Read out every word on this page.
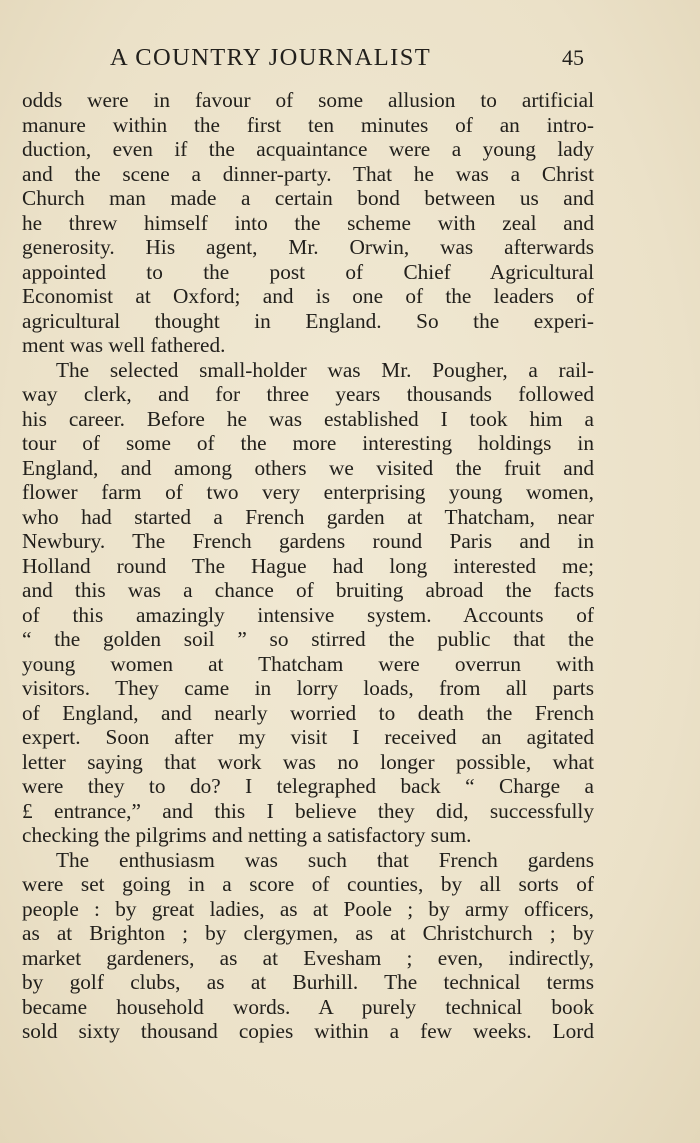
A COUNTRY JOURNALIST	45
odds were in favour of some allusion to artificial
manure within the first ten minutes of an intro-
duction, even if the acquaintance were a young lady
and the scene a dinner-party. That he was a Christ
Church man made a certain bond between us and
he threw himself into the scheme with zeal and
generosity. His agent, Mr. Orwin, was afterwards
appointed to the post of Chief Agricultural
Economist at Oxford; and is one of the leaders of
agricultural thought in England. So the experi-
ment was well fathered.
The selected small-holder was Mr. Pougher, a rail-
way clerk, and for three years thousands followed
his career. Before he was established I took him a
tour of some of the more interesting holdings in
England, and among others we visited the fruit and
flower farm of two very enterprising young women,
who had started a French garden at Thatcham, near
Newbury. The French gardens round Paris and in
Holland round The Hague had long interested me;
and this was a chance of bruiting abroad the facts
of this amazingly intensive system. Accounts of
“ the golden soil ” so stirred the public that the
young women at Thatcham were overrun with
visitors. They came in lorry loads, from all parts
of England, and nearly worried to death the French
expert. Soon after my visit I received an agitated
letter saying that work was no longer possible, what
were they to do? I telegraphed back “ Charge a
£ entrance,” and this I believe they did, successfully
checking the pilgrims and netting a satisfactory sum.
The enthusiasm was such that French gardens
were set going in a score of counties, by all sorts of
people : by great ladies, as at Poole ; by army officers,
as at Brighton ; by clergymen, as at Christchurch ; by
market gardeners, as at Evesham ; even, indirectly,
by golf clubs, as at Burhill. The technical terms
became household words. A purely technical book
sold sixty thousand copies within a few weeks. Lord
